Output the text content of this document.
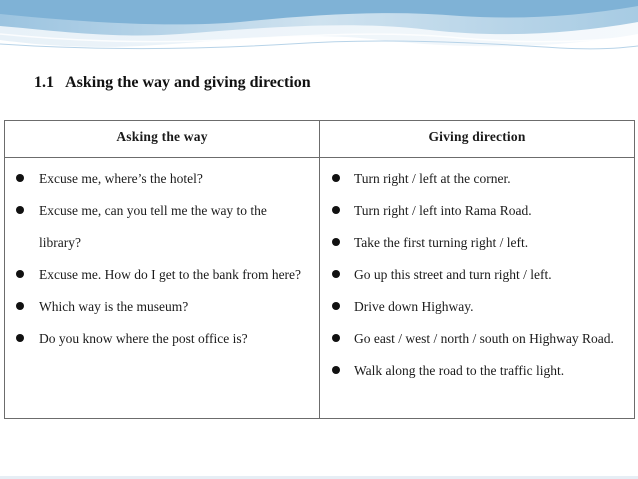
1.1 Asking the way and giving direction
Asking the way	Giving direction
Excuse me, where’s the hotel?
Excuse me, can you tell me the way to the library?
Excuse me. How do I get to the bank from here?
Which way is the museum?
Do you know where the post office is?
Turn right / left at the corner.
Turn right / left into Rama Road.
Take the first turning right / left.
Go up this street and turn right / left.
Drive down Highway.
Go east / west / north / south on Highway Road.
Walk along the road to the traffic light.
